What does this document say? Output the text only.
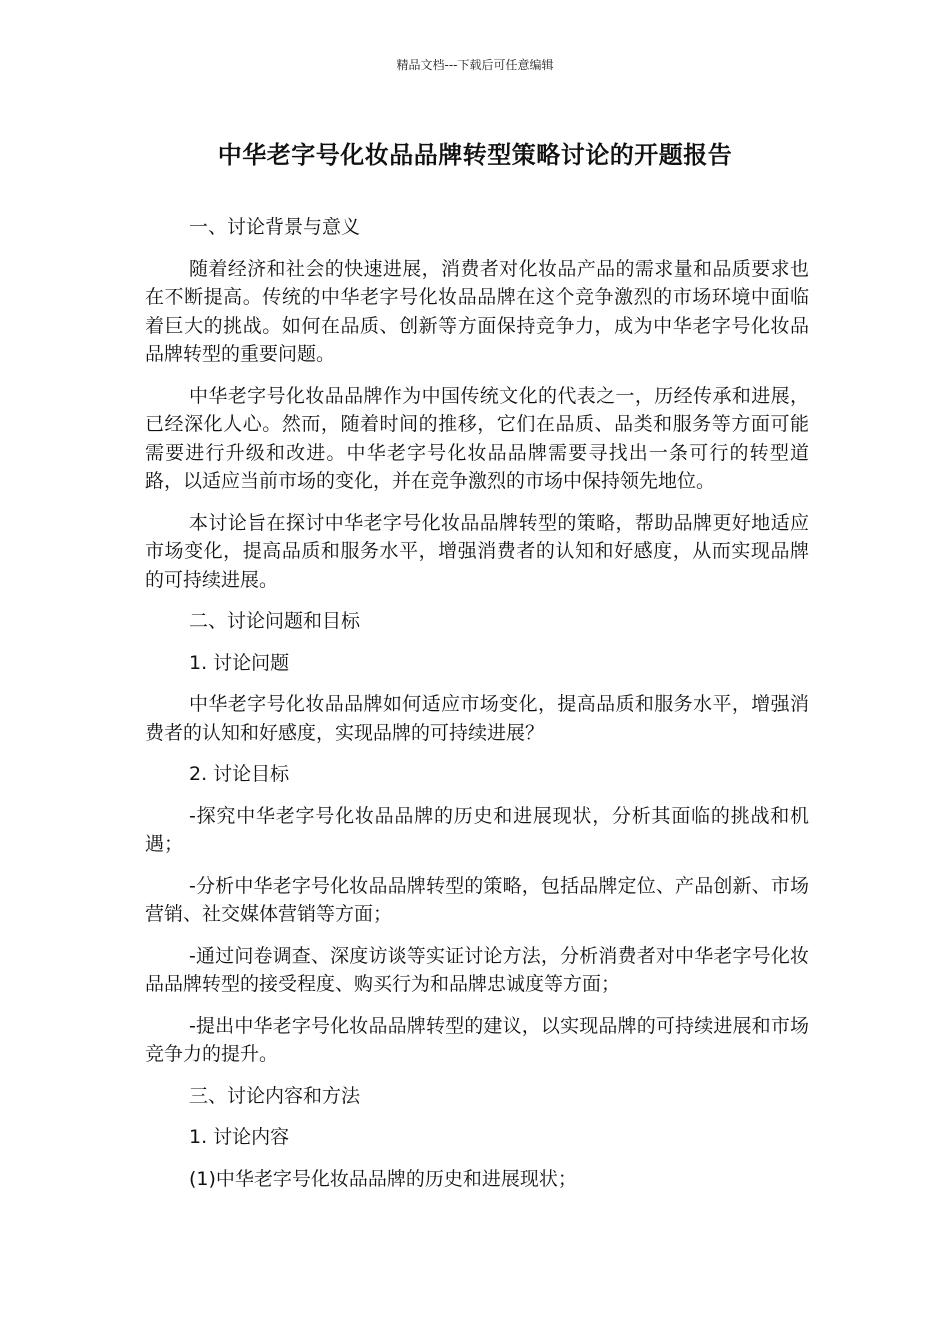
精品文档---下载后可任意编辑
中华老字号化妆品品牌转型策略讨论的开题报告
一、讨论背景与意义
随着经济和社会的快速进展，消费者对化妆品产品的需求量和品质要求也在不断提高。传统的中华老字号化妆品品牌在这个竞争激烈的市场环境中面临着巨大的挑战。如何在品质、创新等方面保持竞争力，成为中华老字号化妆品品牌转型的重要问题。
中华老字号化妆品品牌作为中国传统文化的代表之一，历经传承和进展，已经深化人心。然而，随着时间的推移，它们在品质、品类和服务等方面可能需要进行升级和改进。中华老字号化妆品品牌需要寻找出一条可行的转型道路，以适应当前市场的变化，并在竞争激烈的市场中保持领先地位。
本讨论旨在探讨中华老字号化妆品品牌转型的策略，帮助品牌更好地适应市场变化，提高品质和服务水平，增强消费者的认知和好感度，从而实现品牌的可持续进展。
二、讨论问题和目标
1. 讨论问题
中华老字号化妆品品牌如何适应市场变化，提高品质和服务水平，增强消费者的认知和好感度，实现品牌的可持续进展？
2. 讨论目标
-探究中华老字号化妆品品牌的历史和进展现状，分析其面临的挑战和机遇；
-分析中华老字号化妆品品牌转型的策略，包括品牌定位、产品创新、市场营销、社交媒体营销等方面；
-通过问卷调查、深度访谈等实证讨论方法，分析消费者对中华老字号化妆品品牌转型的接受程度、购买行为和品牌忠诚度等方面；
-提出中华老字号化妆品品牌转型的建议，以实现品牌的可持续进展和市场竞争力的提升。
三、讨论内容和方法
1. 讨论内容
(1)中华老字号化妆品品牌的历史和进展现状；
